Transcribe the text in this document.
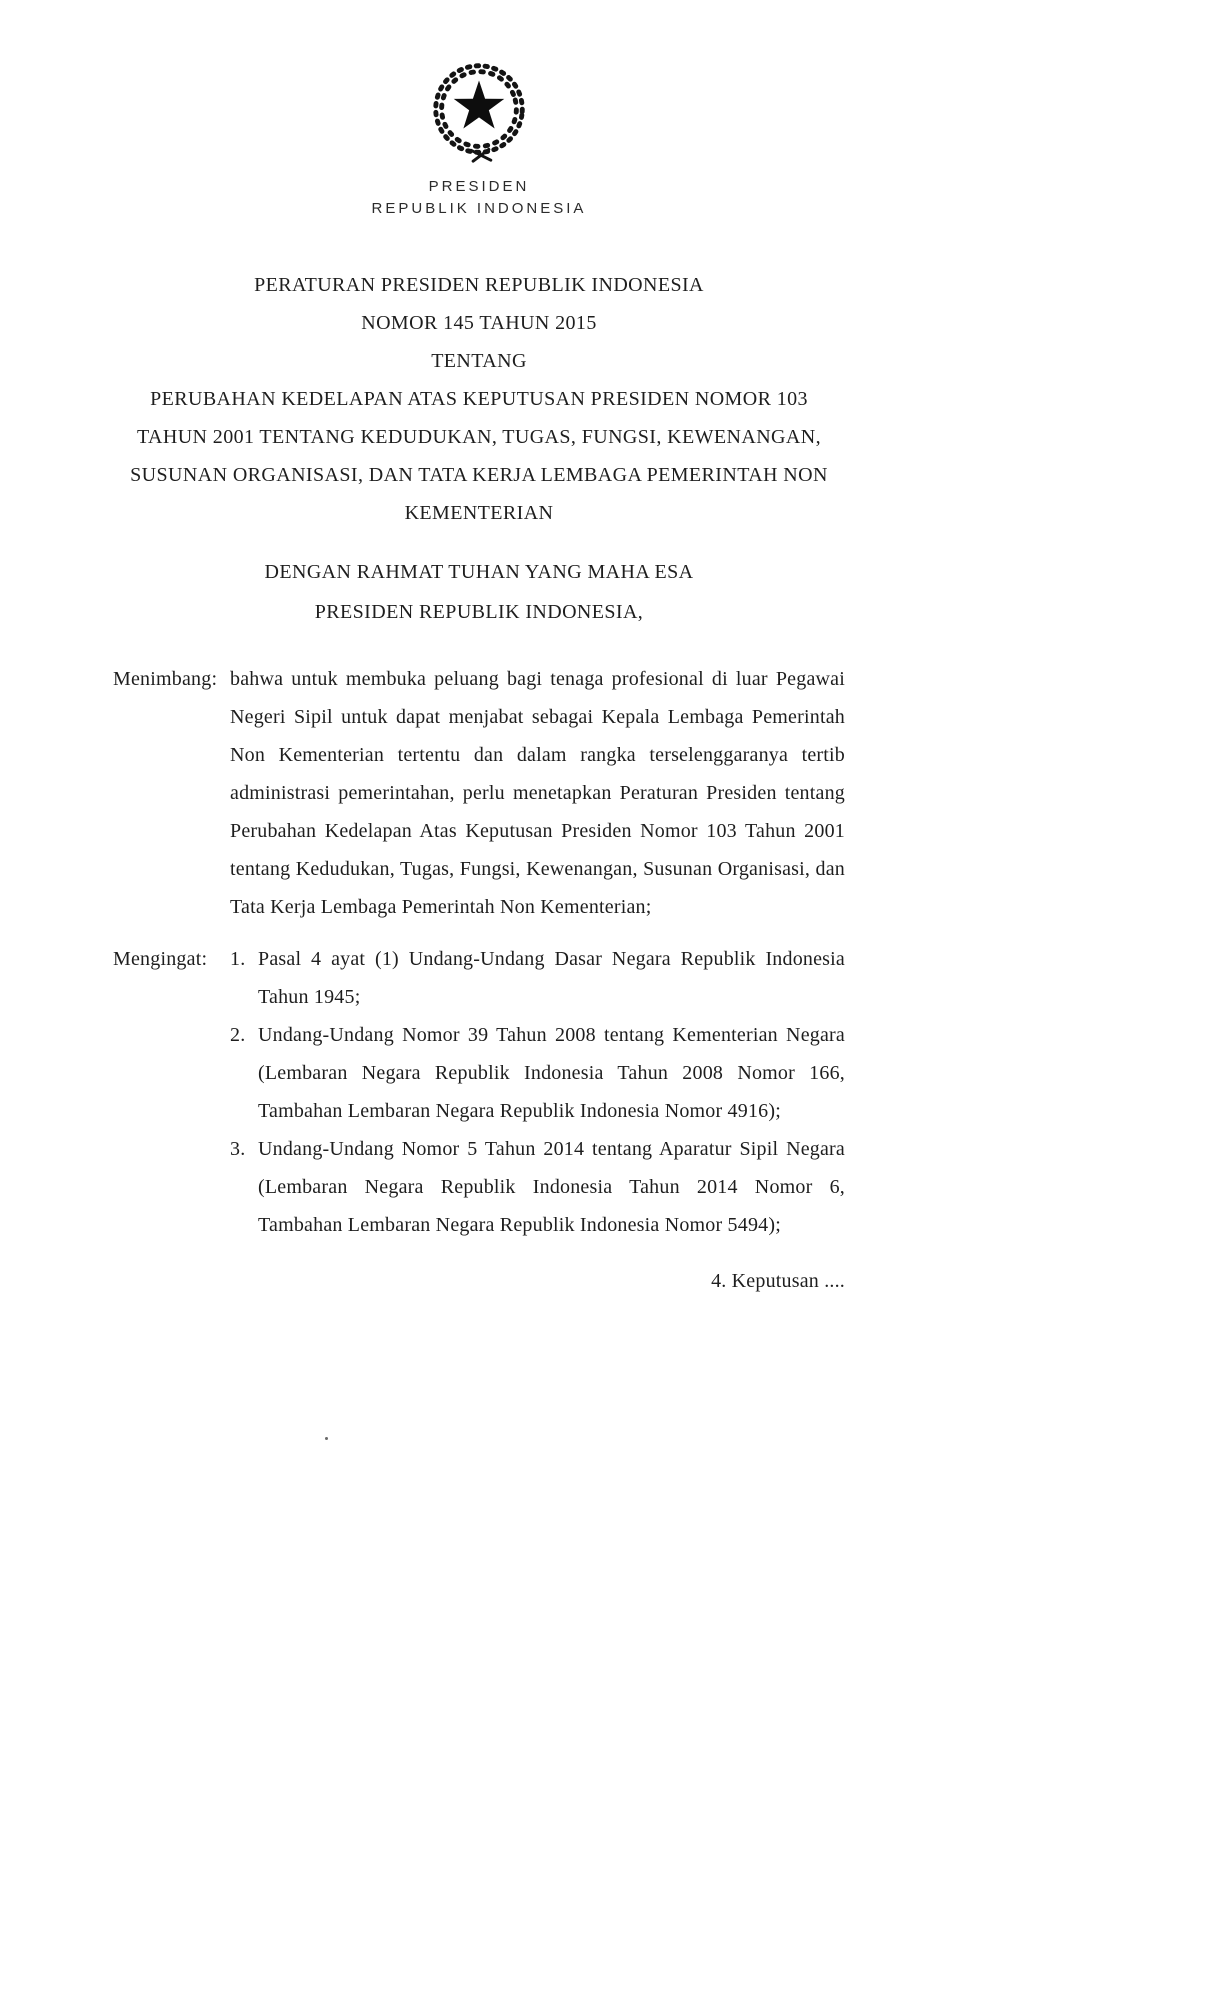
PRESIDEN
REPUBLIK INDONESIA
PERATURAN PRESIDEN REPUBLIK INDONESIA
NOMOR 145 TAHUN 2015
TENTANG
PERUBAHAN KEDELAPAN ATAS KEPUTUSAN PRESIDEN NOMOR 103 TAHUN 2001 TENTANG KEDUDUKAN, TUGAS, FUNGSI, KEWENANGAN, SUSUNAN ORGANISASI, DAN TATA KERJA LEMBAGA PEMERINTAH NON KEMENTERIAN
DENGAN RAHMAT TUHAN YANG MAHA ESA
PRESIDEN REPUBLIK INDONESIA,
Menimbang: bahwa untuk membuka peluang bagi tenaga profesional di luar Pegawai Negeri Sipil untuk dapat menjabat sebagai Kepala Lembaga Pemerintah Non Kementerian tertentu dan dalam rangka terselenggaranya tertib administrasi pemerintahan, perlu menetapkan Peraturan Presiden tentang Perubahan Kedelapan Atas Keputusan Presiden Nomor 103 Tahun 2001 tentang Kedudukan, Tugas, Fungsi, Kewenangan, Susunan Organisasi, dan Tata Kerja Lembaga Pemerintah Non Kementerian;
Mengingat:	1. Pasal 4 ayat (1) Undang-Undang Dasar Negara Republik Indonesia Tahun 1945;
2. Undang-Undang Nomor 39 Tahun 2008 tentang Kementerian Negara (Lembaran Negara Republik Indonesia Tahun 2008 Nomor 166, Tambahan Lembaran Negara Republik Indonesia Nomor 4916);
3. Undang-Undang Nomor 5 Tahun 2014 tentang Aparatur Sipil Negara (Lembaran Negara Republik Indonesia Tahun 2014 Nomor 6, Tambahan Lembaran Negara Republik Indonesia Nomor 5494);
4. Keputusan ....
